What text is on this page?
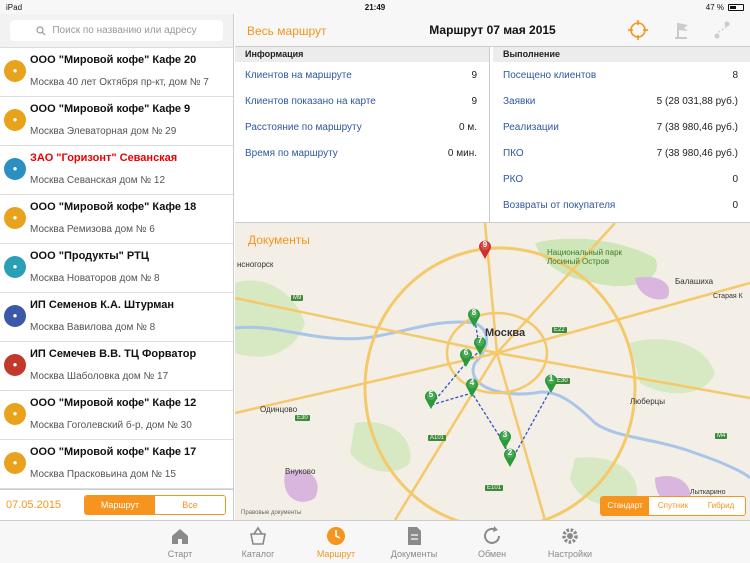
iPad	21:49	47 %
Поиск по названию или адресу
●
ООО "Мировой кофе" Кафе 20
Москва 40 лет Октября пр-кт, дом № 7
●
ООО "Мировой кофе" Кафе 9
Москва Элеваторная дом № 29
●
ЗАО "Горизонт" Севанская
Москва Севанская дом № 12
●
ООО "Мировой кофе" Кафе 18
Москва Ремизова дом № 6
●
ООО "Продукты" РТЦ
Москва Новаторов дом № 8
●
ИП Семенов К.А. Штурман
Москва Вавилова дом № 8
●
ИП Семечев В.В. ТЦ Форватор
Москва Шаболовка дом № 17
●
ООО "Мировой кофе" Кафе 12
Москва Гоголевский б-р, дом № 30
●
ООО "Мировой кофе" Кафе 17
Москва Прасковьина дом № 15
07.05.2015	Маршрут	Все
Весь маршрут	Маршрут 07 мая 2015
Информация
Клиентов на маршруте	9
Клиентов показано на карте	9
Расстояние по маршруту	0 м.
Время по маршруту	0 мин.
Выполнение
Посещено клиентов	8
Заявки	5 (28 031,88 руб.)
Реализации	7 (38 980,46 руб.)
ПКО	7 (38 980,46 руб.)
РКО	0
Возвраты от покупателя	0
Документы
Москва
Национальный парк
Лосиный Остров
нсногорск
Балашиха
Старая К
Одинцово
Люберцы
Внуково
Лыткарино
M9
E22
E30
E30
A101
E101
M4
1
2
3
4
5
6
7
8
9
Правовые документы
Стандарт	Спутник	Гибрид
Старт	Каталог	Маршрут	Документы	Обмен	Настройки
